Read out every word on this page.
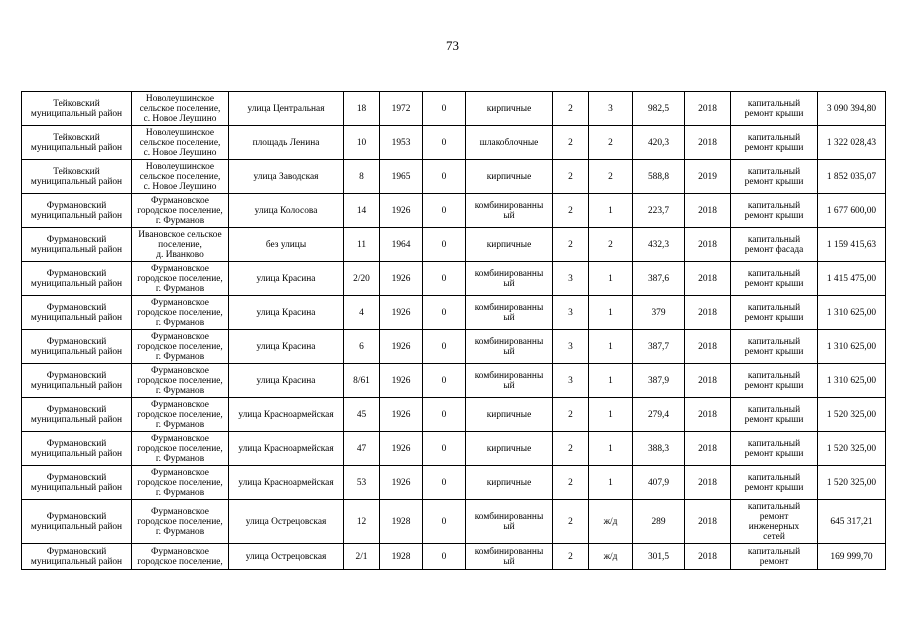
73
Тейковский
муниципальный район	Новолеушинское
сельское поселение,
с. Новое Леушино	улица Центральная	18	1972	0	кирпичные	2	3	982,5	2018	капитальный
ремонт крыши	3 090 394,80
Тейковский
муниципальный район	Новолеушинское
сельское поселение,
с. Новое Леушино	площадь Ленина	10	1953	0	шлакоблочные	2	2	420,3	2018	капитальный
ремонт крыши	1 322 028,43
Тейковский
муниципальный район	Новолеушинское
сельское поселение,
с. Новое Леушино	улица Заводская	8	1965	0	кирпичные	2	2	588,8	2019	капитальный
ремонт крыши	1 852 035,07
Фурмановский
муниципальный район	Фурмановское
городское поселение,
г. Фурманов	улица Колосова	14	1926	0	комбинированны
ый	2	1	223,7	2018	капитальный
ремонт крыши	1 677 600,00
Фурмановский
муниципальный район	Ивановское сельское
поселение,
д. Иванково	без улицы	11	1964	0	кирпичные	2	2	432,3	2018	капитальный
ремонт фасада	1 159 415,63
Фурмановский
муниципальный район	Фурмановское
городское поселение,
г. Фурманов	улица Красина	2/20	1926	0	комбинированны
ый	3	1	387,6	2018	капитальный
ремонт крыши	1 415 475,00
Фурмановский
муниципальный район	Фурмановское
городское поселение,
г. Фурманов	улица Красина	4	1926	0	комбинированны
ый	3	1	379	2018	капитальный
ремонт крыши	1 310 625,00
Фурмановский
муниципальный район	Фурмановское
городское поселение,
г. Фурманов	улица Красина	6	1926	0	комбинированны
ый	3	1	387,7	2018	капитальный
ремонт крыши	1 310 625,00
Фурмановский
муниципальный район	Фурмановское
городское поселение,
г. Фурманов	улица Красина	8/61	1926	0	комбинированны
ый	3	1	387,9	2018	капитальный
ремонт крыши	1 310 625,00
Фурмановский
муниципальный район	Фурмановское
городское поселение,
г. Фурманов	улица Красноармейская	45	1926	0	кирпичные	2	1	279,4	2018	капитальный
ремонт крыши	1 520 325,00
Фурмановский
муниципальный район	Фурмановское
городское поселение,
г. Фурманов	улица Красноармейская	47	1926	0	кирпичные	2	1	388,3	2018	капитальный
ремонт крыши	1 520 325,00
Фурмановский
муниципальный район	Фурмановское
городское поселение,
г. Фурманов	улица Красноармейская	53	1926	0	кирпичные	2	1	407,9	2018	капитальный
ремонт крыши	1 520 325,00
Фурмановский
муниципальный район	Фурмановское
городское поселение,
г. Фурманов	улица Острецовская	12	1928	0	комбинированны
ый	2	ж/д	289	2018	капитальный
ремонт
инженерных
сетей	645 317,21
Фурмановский
муниципальный район	Фурмановское
городское поселение,	улица Острецовская	2/1	1928	0	комбинированны
ый	2	ж/д	301,5	2018	капитальный
ремонт	169 999,70
